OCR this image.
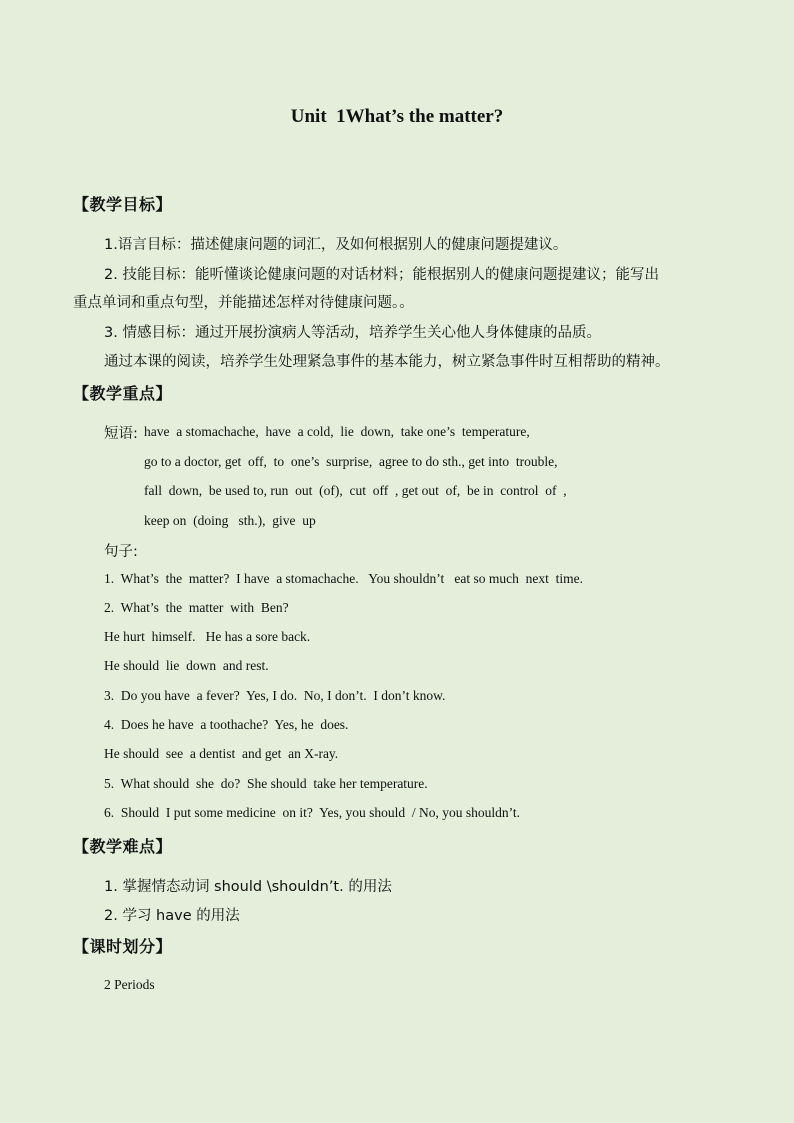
Unit  1What’s the matter?
【教学目标】
1.语言目标：描述健康问题的词汇，及如何根据别人的健康问题提建议。
2. 技能目标：能听懂谈论健康问题的对话材料；能根据别人的健康问题提建议；能写出
重点单词和重点句型，并能描述怎样对待健康问题。。
3. 情感目标：通过开展扮演病人等活动，培养学生关心他人身体健康的品质。
通过本课的阅读，培养学生处理紧急事件的基本能力，树立紧急事件时互相帮助的精神。
【教学重点】
短语: have  a stomachache,  have  a cold,  lie  down,  take one’s  temperature,
go to a doctor, get  off,  to  one’s  surprise,  agree to do sth., get into  trouble,
fall  down,  be used to, run  out  (of),  cut  off  , get out  of,  be in  control  of  ,
keep on  (doing   sth.),  give  up
句子:
1.  What’s  the  matter?  I have  a stomachache.   You shouldn’t   eat so much  next  time.
2.  What’s  the  matter  with  Ben?
He hurt  himself.   He has a sore back.
He should  lie  down  and rest.
3.  Do you have  a fever?  Yes, I do.  No, I don’t.  I don’t know.
4.  Does he have  a toothache?  Yes, he  does.
He should  see  a dentist  and get  an X-ray.
5.  What should  she  do?  She should  take her temperature.
6.  Should  I put some medicine  on it?  Yes, you should  / No, you shouldn’t.
【教学难点】
1. 掌握情态动词 should \shouldn’t. 的用法
2. 学习 have 的用法
【课时划分】
2 Periods
